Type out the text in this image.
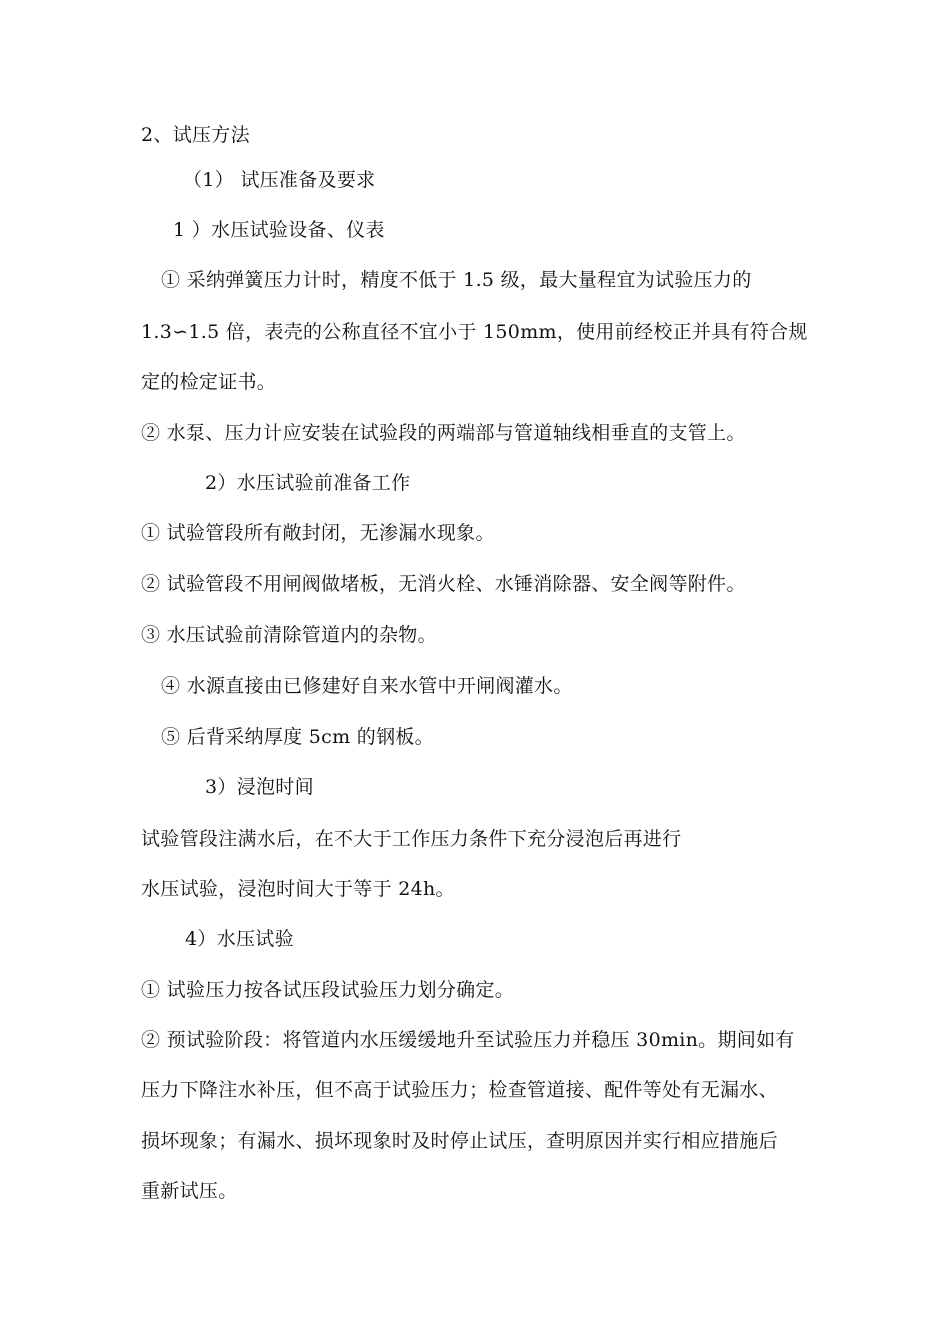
2、试压方法
（1） 试压准备及要求
1 ）水压试验设备、仪表
① 采纳弹簧压力计时，精度不低于 1.5 级，最大量程宜为试验压力的
1.3∽1.5 倍，表壳的公称直径不宜小于 150mm，使用前经校正并具有符合规
定的检定证书。
② 水泵、压力计应安装在试验段的两端部与管道轴线相垂直的支管上。
2）水压试验前准备工作
① 试验管段所有敞封闭，无渗漏水现象。
② 试验管段不用闸阀做堵板，无消火栓、水锤消除器、安全阀等附件。
③ 水压试验前清除管道内的杂物。
④ 水源直接由已修建好自来水管中开闸阀灌水。
⑤ 后背采纳厚度 5cm 的钢板。
3）浸泡时间
试验管段注满水后，在不大于工作压力条件下充分浸泡后再进行
水压试验，浸泡时间大于等于 24h。
4）水压试验
① 试验压力按各试压段试验压力划分确定。
② 预试验阶段：将管道内水压缓缓地升至试验压力并稳压 30min。期间如有
压力下降注水补压，但不高于试验压力；检查管道接、配件等处有无漏水、
损坏现象；有漏水、损坏现象时及时停止试压，查明原因并实行相应措施后
重新试压。
